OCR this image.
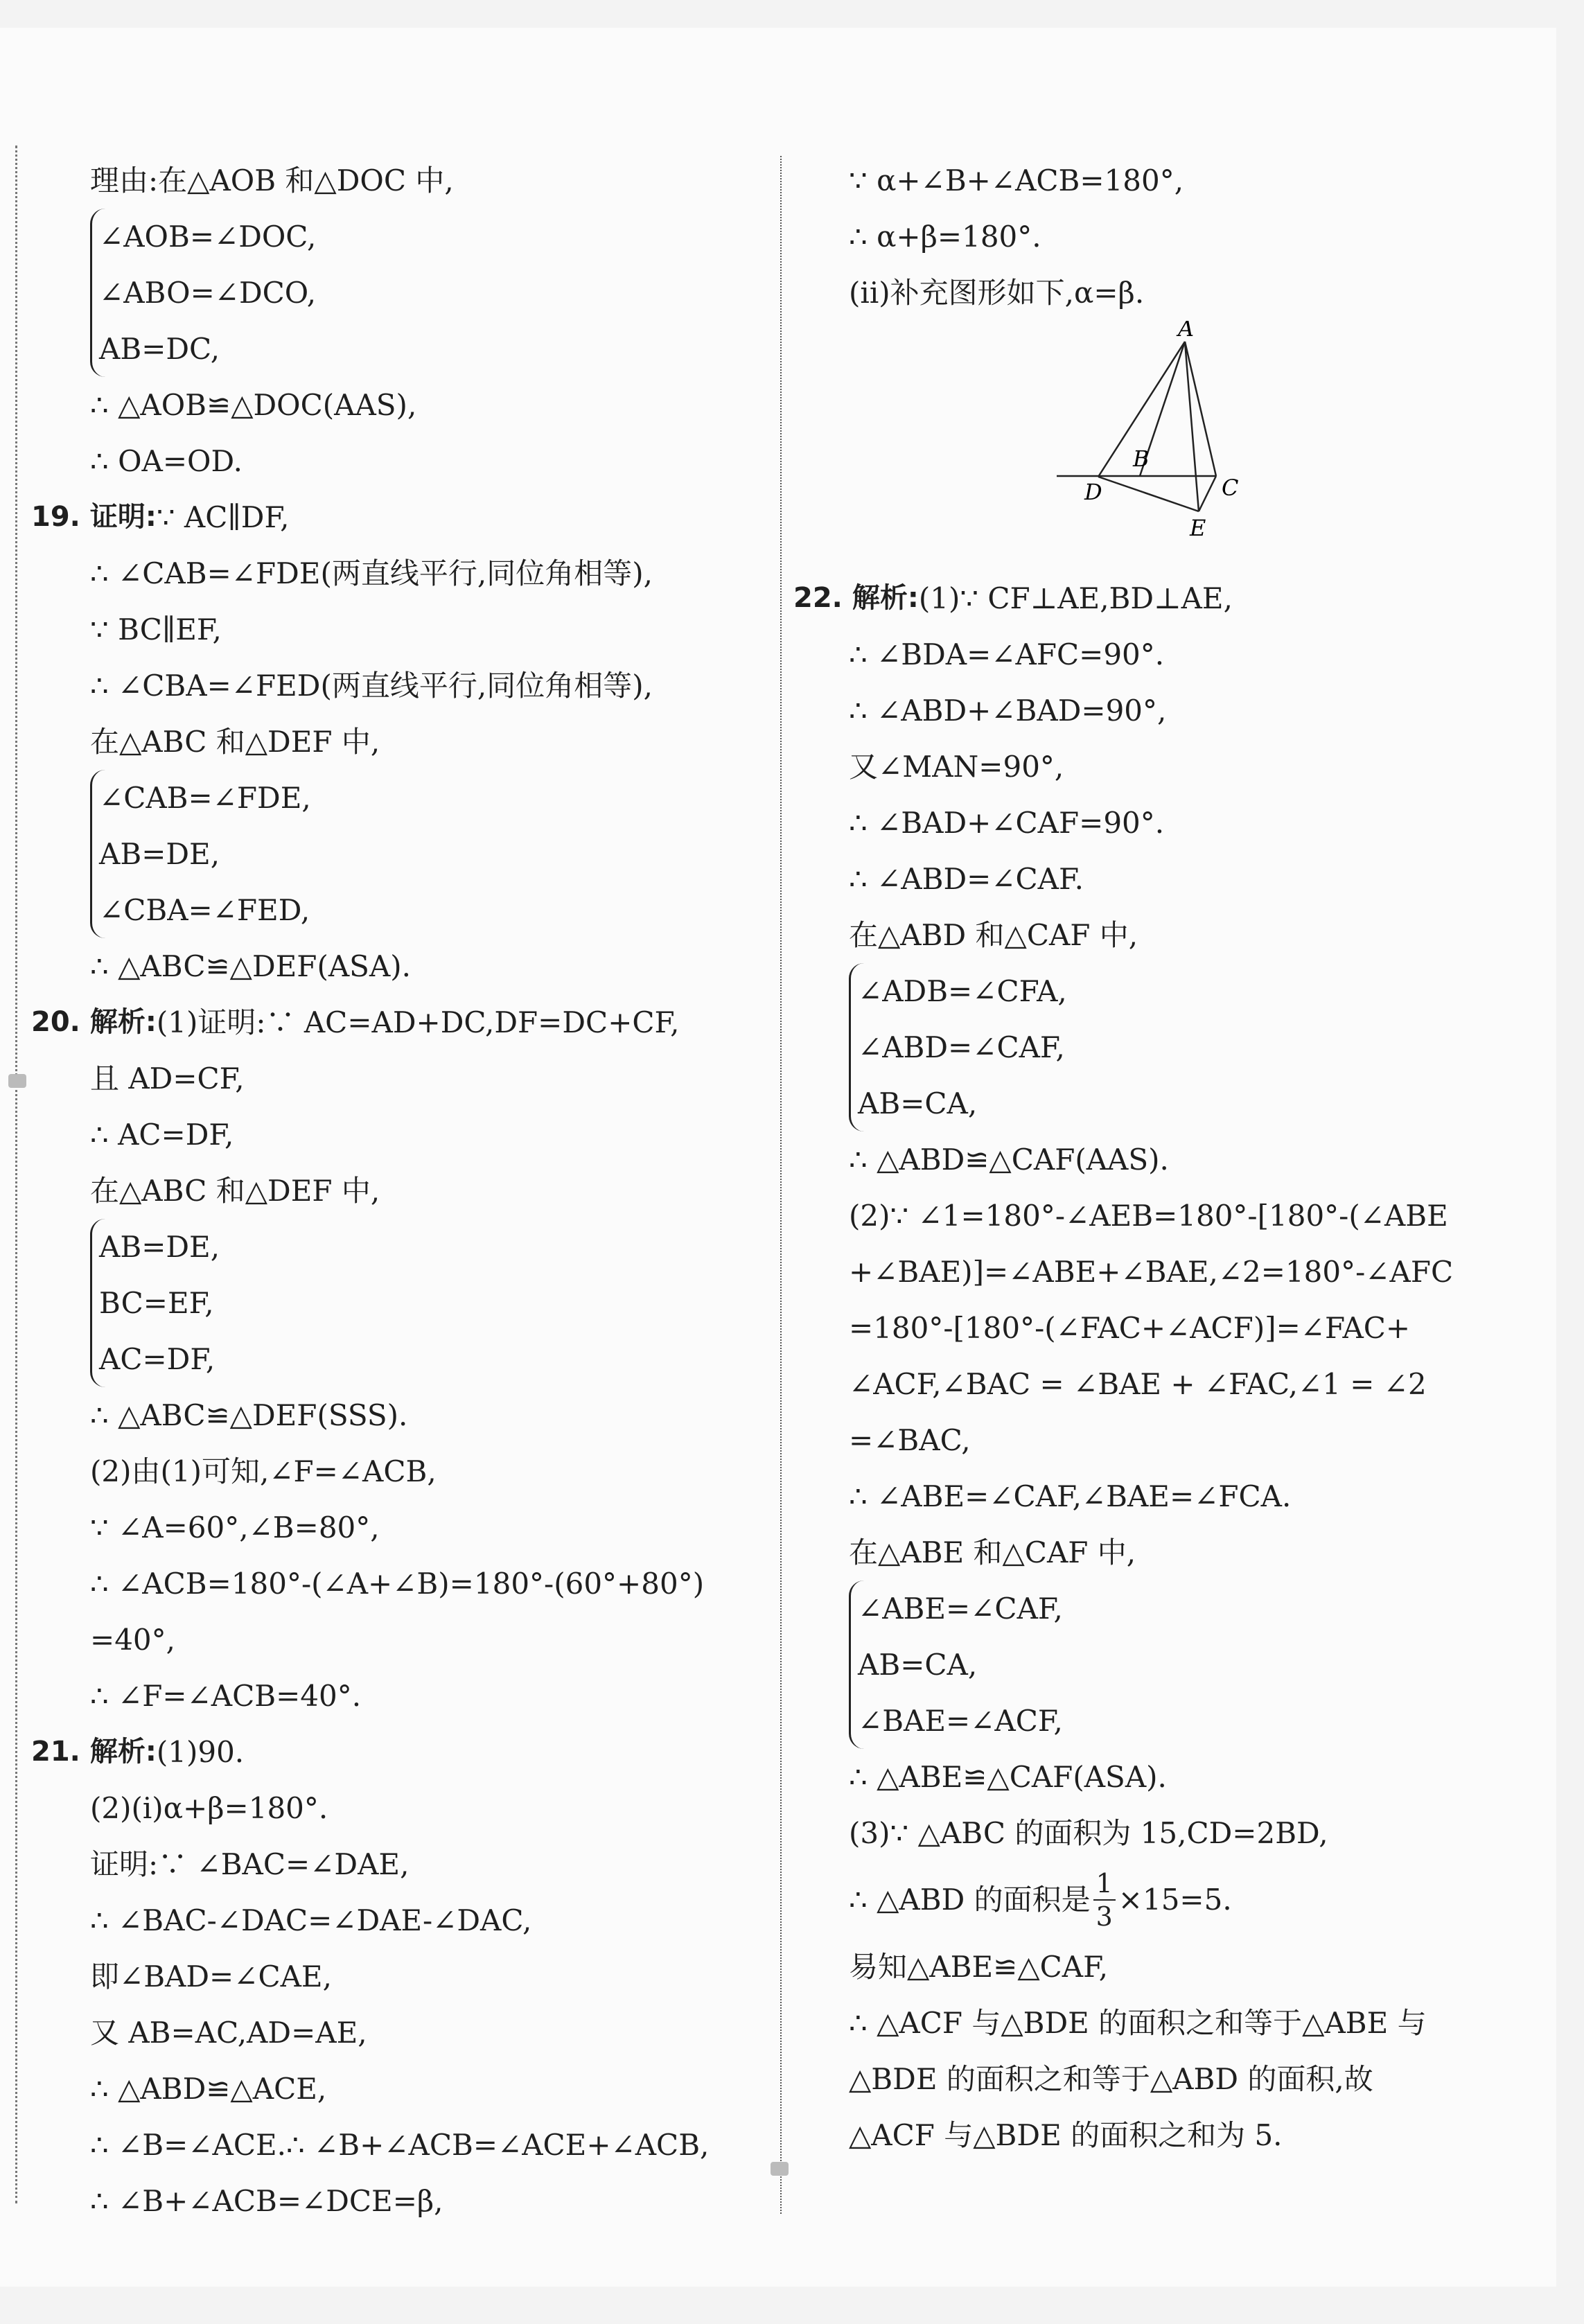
理由:在△AOB 和△DOC 中,
∠AOB=∠DOC,
∠ABO=∠DCO,
AB=DC,
∴ △AOB≌△DOC(AAS),
∴ OA=OD.
19. 证明: ∵ AC∥DF,
∴ ∠CAB=∠FDE(两直线平行,同位角相等),
∵ BC∥EF,
∴ ∠CBA=∠FED(两直线平行,同位角相等),
在△ABC 和△DEF 中,
∠CAB=∠FDE,
AB=DE,
∠CBA=∠FED,
∴ △ABC≌△DEF(ASA).
20. 解析: (1)证明:∵ AC=AD+DC,DF=DC+CF,
且 AD=CF,
∴ AC=DF,
在△ABC 和△DEF 中,
AB=DE,
BC=EF,
AC=DF,
∴ △ABC≌△DEF(SSS).
(2)由(1)可知,∠F=∠ACB,
∵ ∠A=60°,∠B=80°,
∴ ∠ACB=180°-(∠A+∠B)=180°-(60°+80°)
=40°,
∴ ∠F=∠ACB=40°.
21. 解析: (1)90.
(2)(i)α+β=180°.
证明:∵ ∠BAC=∠DAE,
∴ ∠BAC-∠DAC=∠DAE-∠DAC,
即∠BAD=∠CAE,
又 AB=AC,AD=AE,
∴ △ABD≌△ACE,
∴ ∠B=∠ACE.∴ ∠B+∠ACB=∠ACE+∠ACB,
∴ ∠B+∠ACB=∠DCE=β,
∵ α+∠B+∠ACB=180°,
∴ α+β=180°.
(ii)补充图形如下,α=β.
A
B
C
D
E
22. 解析: (1)∵ CF⊥AE,BD⊥AE,
∴ ∠BDA=∠AFC=90°.
∴ ∠ABD+∠BAD=90°,
又∠MAN=90°,
∴ ∠BAD+∠CAF=90°.
∴ ∠ABD=∠CAF.
在△ABD 和△CAF 中,
∠ADB=∠CFA,
∠ABD=∠CAF,
AB=CA,
∴ △ABD≌△CAF(AAS).
(2)∵ ∠1=180°-∠AEB=180°-[180°-(∠ABE
+∠BAE)]=∠ABE+∠BAE,∠2=180°-∠AFC
=180°-[180°-(∠FAC+∠ACF)]=∠FAC+
∠ACF,∠BAC = ∠BAE + ∠FAC,∠1 = ∠2
=∠BAC,
∴ ∠ABE=∠CAF,∠BAE=∠FCA.
在△ABE 和△CAF 中,
∠ABE=∠CAF,
AB=CA,
∠BAE=∠ACF,
∴ △ABE≌△CAF(ASA).
(3)∵ △ABC 的面积为 15,CD=2BD,
∴ △ABD 的面积是 $\frac{1}{3} \times 15=5$.
易知△ABE≌△CAF,
∴ △ACF 与△BDE 的面积之和等于△ABE 与
△BDE 的面积之和等于△ABD 的面积,故
△ACF 与△BDE 的面积之和为 5.
